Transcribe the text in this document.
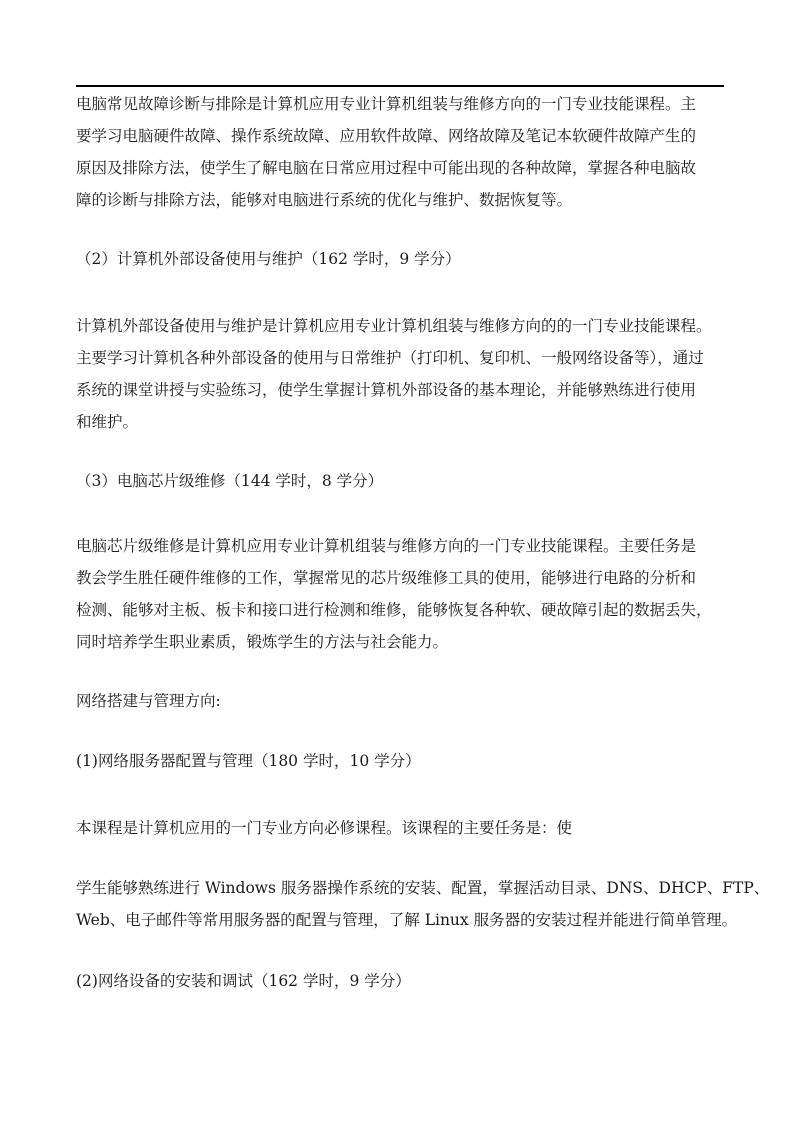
电脑常见故障诊断与排除是计算机应用专业计算机组装与维修方向的一门专业技能课程。主
要学习电脑硬件故障、操作系统故障、应用软件故障、网络故障及笔记本软硬件故障产生的
原因及排除方法，使学生了解电脑在日常应用过程中可能出现的各种故障，掌握各种电脑故
障的诊断与排除方法，能够对电脑进行系统的优化与维护、数据恢复等。
（2）计算机外部设备使用与维护（162 学时，9 学分）
计算机外部设备使用与维护是计算机应用专业计算机组装与维修方向的的一门专业技能课程。
主要学习计算机各种外部设备的使用与日常维护（打印机、复印机、一般网络设备等），通过
系统的课堂讲授与实验练习，使学生掌握计算机外部设备的基本理论，并能够熟练进行使用
和维护。
（3）电脑芯片级维修（144 学时，8 学分）
电脑芯片级维修是计算机应用专业计算机组装与维修方向的一门专业技能课程。主要任务是
教会学生胜任硬件维修的工作，掌握常见的芯片级维修工具的使用，能够进行电路的分析和
检测、能够对主板、板卡和接口进行检测和维修，能够恢复各种软、硬故障引起的数据丢失，
同时培养学生职业素质，锻炼学生的方法与社会能力。
网络搭建与管理方向:
(1)网络服务器配置与管理（180 学时，10 学分）
本课程是计算机应用的一门专业方向必修课程。该课程的主要任务是：使
学生能够熟练进行 Windows 服务器操作系统的安装、配置，掌握活动目录、DNS、DHCP、FTP、
Web、电子邮件等常用服务器的配置与管理，了解 Linux 服务器的安装过程并能进行简单管理。
(2)网络设备的安装和调试（162 学时，9 学分）
